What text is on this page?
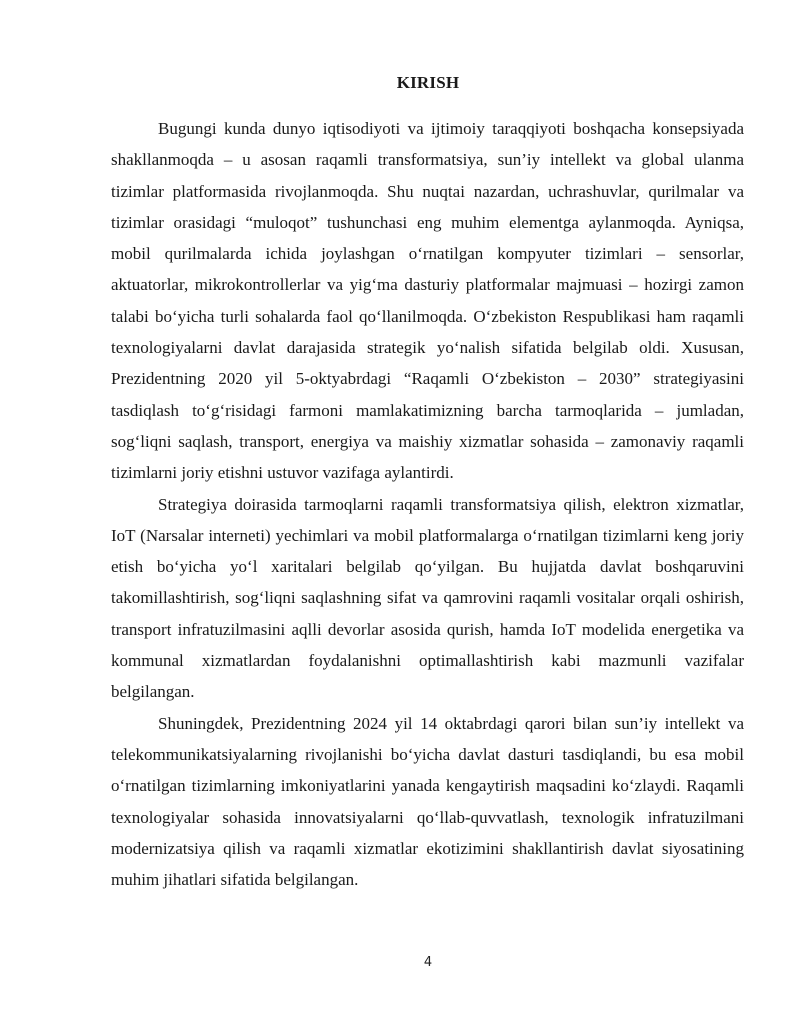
KIRISH

Bugungi kunda dunyo iqtisodiyoti va ijtimoiy taraqqiyoti boshqacha konsepsiyada shakllanmoqda – u asosan raqamli transformatsiya, sun’iy intellekt va global ulanma tizimlar platformasida rivojlanmoqda. Shu nuqtai nazardan, uchrashuvlar, qurilmalar va tizimlar orasidagi “muloqot” tushunchasi eng muhim elementga aylanmoqda. Ayniqsa, mobil qurilmalarda ichida joylashgan o‘rnatilgan kompyuter tizimlari – sensorlar, aktuatorlar, mikrokontrollerlar va yig‘ma dasturiy platformalar majmuasi – hozirgi zamon talabi bo‘yicha turli sohalarda faol qo‘llanilmoqda. O‘zbekiston Respublikasi ham raqamli texnologiyalarni davlat darajasida strategik yo‘nalish sifatida belgilab oldi. Xususan, Prezidentning 2020 yil 5-oktyabrdagi “Raqamli O‘zbekiston – 2030” strategiyasini tasdiqlash to‘g‘risidagi farmoni mamlakatimizning barcha tarmoqlarida – jumladan, sog‘liqni saqlash, transport, energiya va maishiy xizmatlar sohasida – zamonaviy raqamli tizimlarni joriy etishni ustuvor vazifaga aylantirdi.

Strategiya doirasida tarmoqlarni raqamli transformatsiya qilish, elektron xizmatlar, IoT (Narsalar interneti) yechimlari va mobil platformalarga o‘rnatilgan tizimlarni keng joriy etish bo‘yicha yo‘l xaritalari belgilab qo‘yilgan. Bu hujjatda davlat boshqaruvini takomillashtirish, sog‘liqni saqlashning sifat va qamrovini raqamli vositalar orqali oshirish, transport infratuzilmasini aqlli devorlar asosida qurish, hamda IoT modelida energetika va kommunal xizmatlardan foydalanishni optimallashtirish kabi mazmunli vazifalar belgilangan.

Shuningdek, Prezidentning 2024 yil 14 oktabrdagi qarori bilan sun’iy intellekt va telekommunikatsiyalarning rivojlanishi bo‘yicha davlat dasturi tasdiqlandi, bu esa mobil o‘rnatilgan tizimlarning imkoniyatlarini yanada kengaytirish maqsadini ko‘zlaydi. Raqamli texnologiyalar sohasida innovatsiyalarni qo‘llab-quvvatlash, texnologik infratuzilmani modernizatsiya qilish va raqamli xizmatlar ekotizimini shakllantirish davlat siyosatining muhim jihatlari sifatida belgilangan.

4
